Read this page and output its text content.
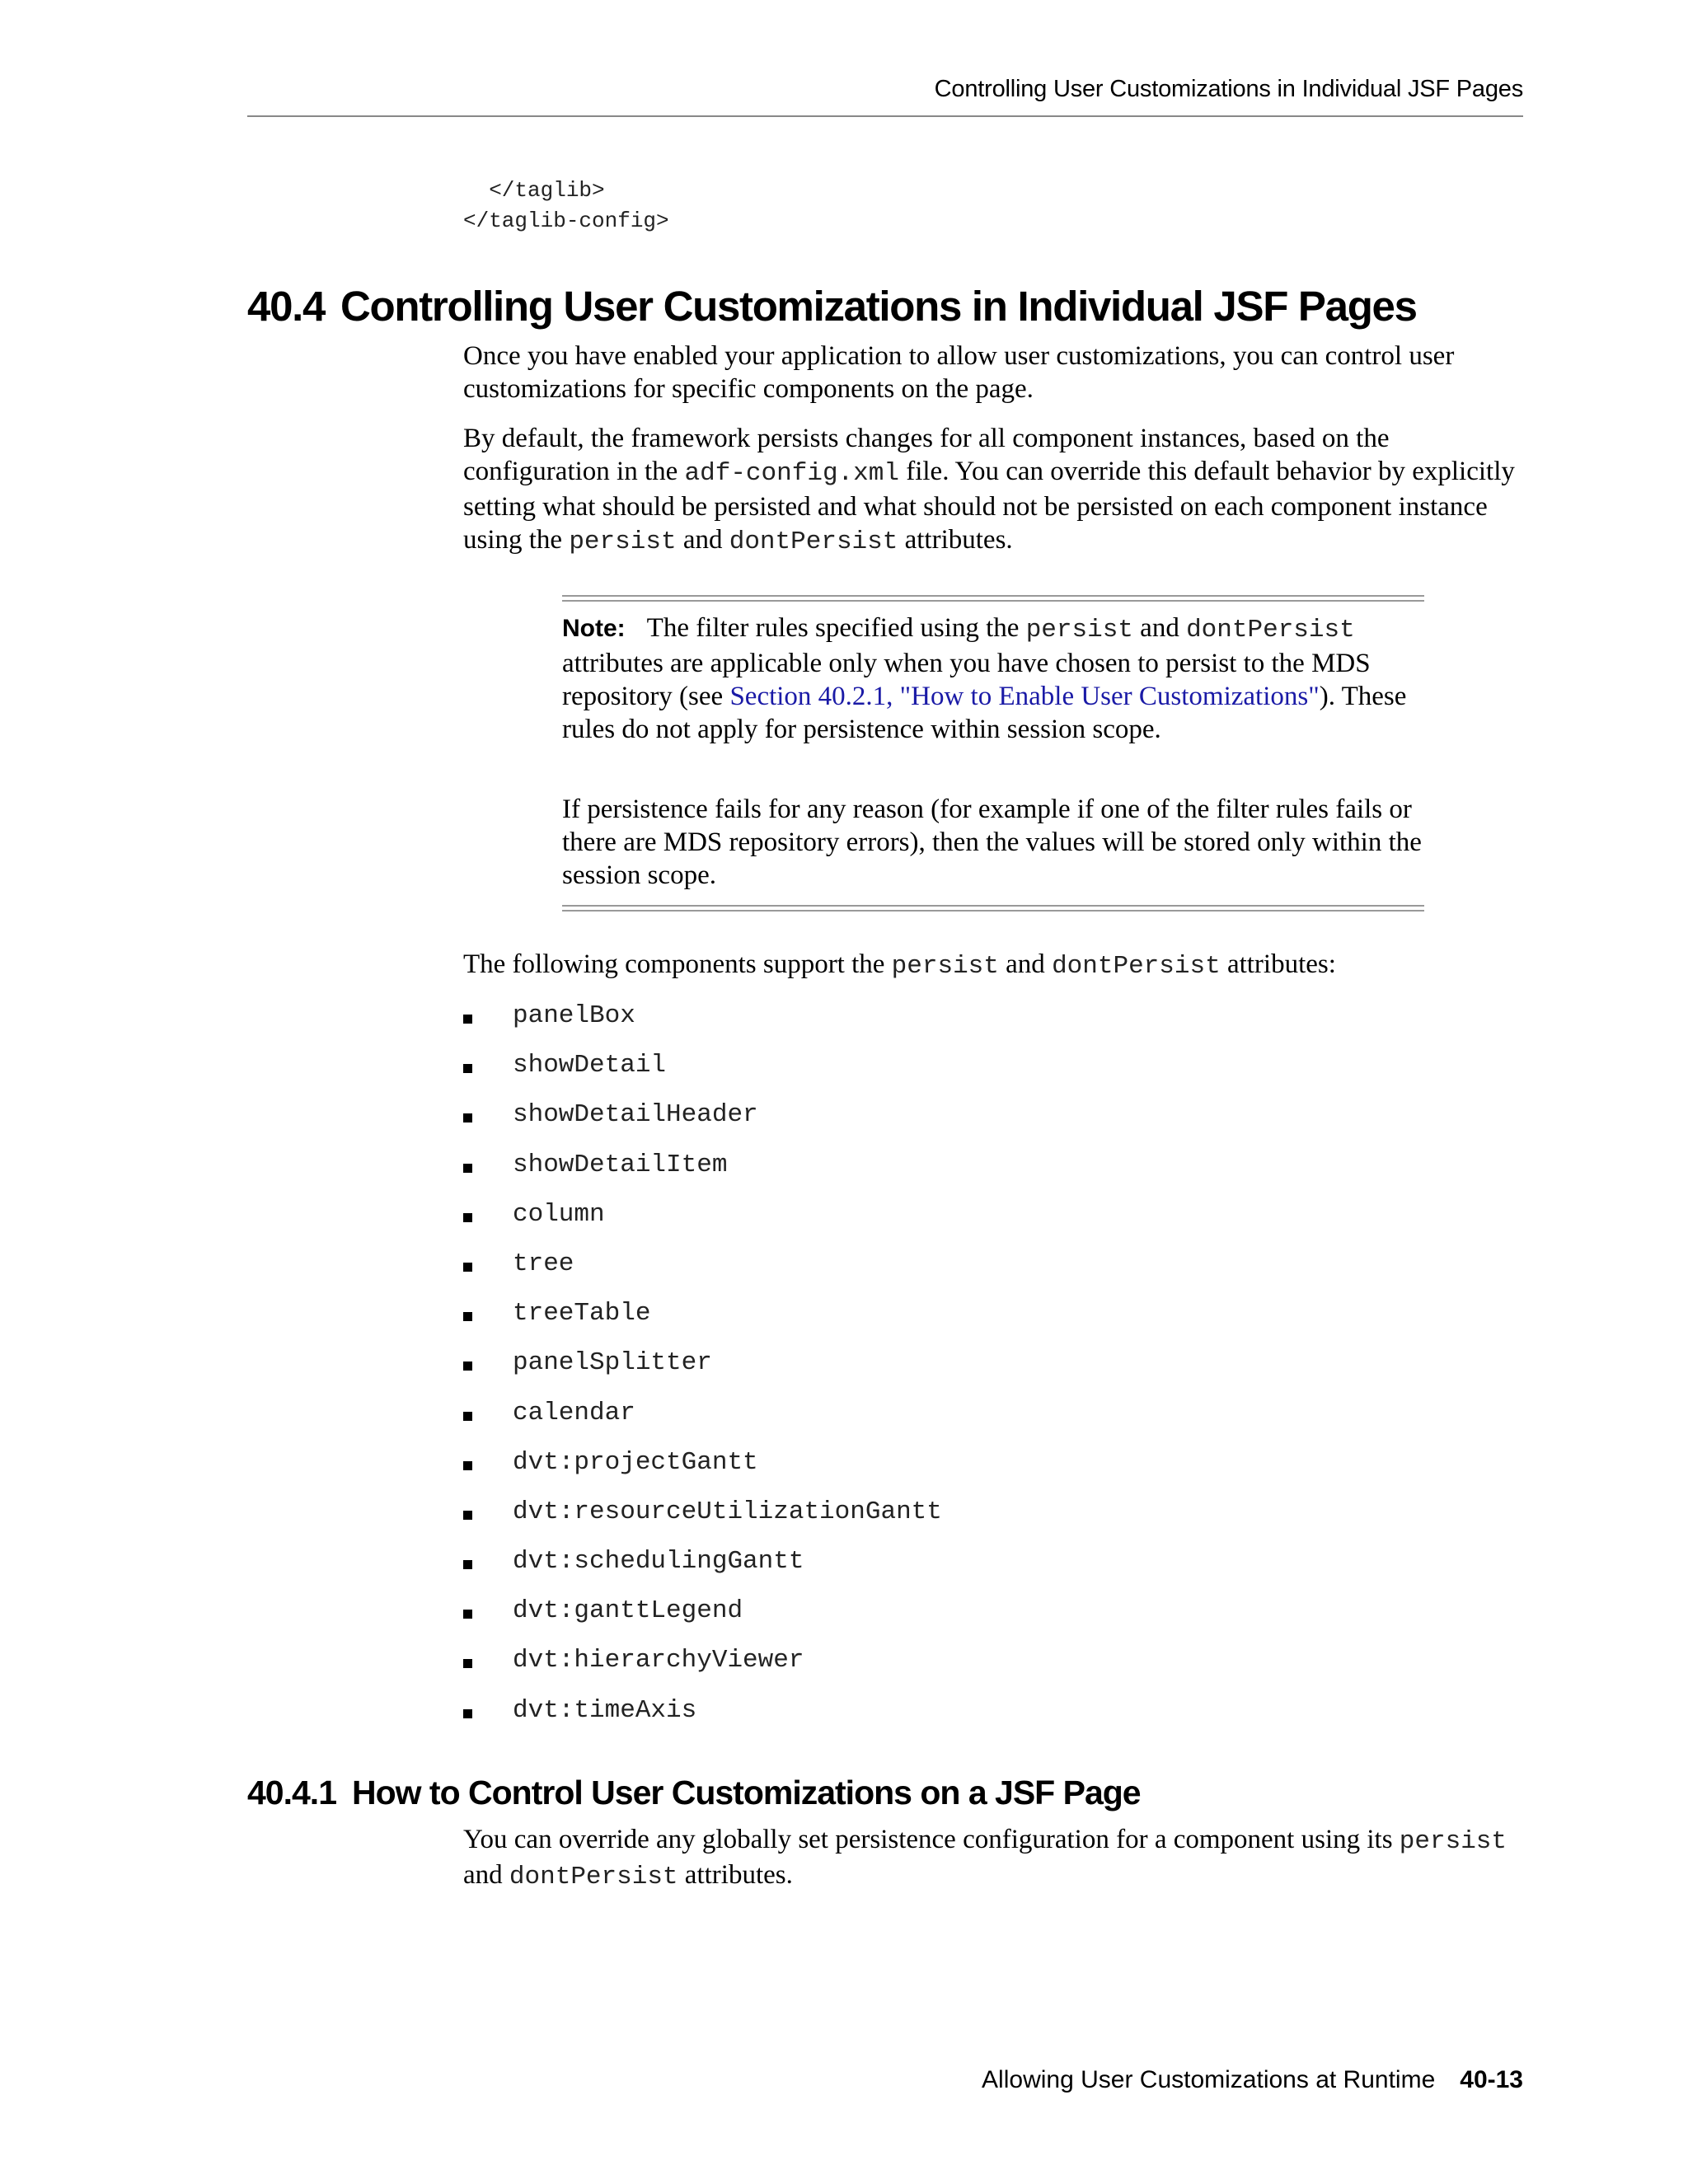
Controlling User Customizations in Individual JSF Pages
</taglib>
</taglib-config>
40.4 Controlling User Customizations in Individual JSF Pages

Once you have enabled your application to allow user customizations, you can control user customizations for specific components on the page.

By default, the framework persists changes for all component instances, based on the configuration in the adf-config.xml file. You can override this default behavior by explicitly setting what should be persisted and what should not be persisted on each component instance using the persist and dontPersist attributes.

Note: The filter rules specified using the persist and dontPersist attributes are applicable only when you have chosen to persist to the MDS repository (see Section 40.2.1, "How to Enable User Customizations"). These rules do not apply for persistence within session scope.

If persistence fails for any reason (for example if one of the filter rules fails or there are MDS repository errors), then the values will be stored only within the session scope.

The following components support the persist and dontPersist attributes:

panelBox
showDetail
showDetailHeader
showDetailItem
column
tree
treeTable
panelSplitter
calendar
dvt:projectGantt
dvt:resourceUtilizationGantt
dvt:schedulingGantt
dvt:ganttLegend
dvt:hierarchyViewer
dvt:timeAxis
40.4.1 How to Control User Customizations on a JSF Page

You can override any globally set persistence configuration for a component using its persist and dontPersist attributes.

Allowing User Customizations at Runtime 40-13
